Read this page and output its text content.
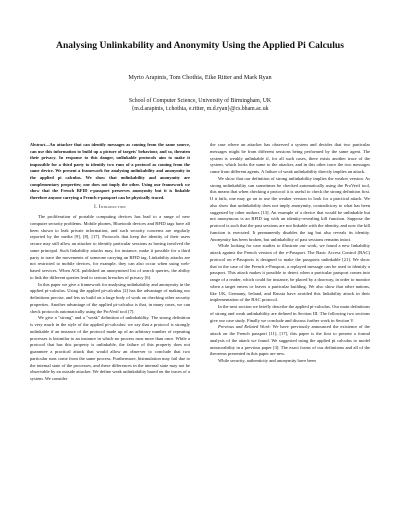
Analysing Unlinkability and Anonymity Using the Applied Pi Calculus
Myrto Arapinis, Tom Chothia, Eike Ritter and Mark Ryan
School of Computer Science, University of Birmingham, UK
{m.d.arapinis, t.chothia, e.ritter, m.d.ryan}@cs.bham.ac.uk
Abstract—An attacker that can identify messages as coming from the same source, can use this information to build up a picture of targets' behaviour, and so, threaten their privacy. In response to this danger, unlinkable protocols aim to make it impossible for a third party to identify two runs of a protocol as coming from the same device. We present a framework for analysing unlinkability and anonymity in the applied pi calculus. We show that unlinkability and anonymity are complementary properties; one does not imply the other. Using our framework we show that the French RFID e-passport preserves anonymity but it is linkable therefore anyone carrying a French e-passport can be physically traced.
I. Introduction

The proliferation of portable computing devices has lead to a range of new computer security problems. Mobile phones, Bluetooth devices and RFID tags have all been shown to leak private information, and such security concerns are regularly reported by the media [9], [8], [17]. Protocols that keep the identity of their users secure may still allow an attacker to identify particular sessions as having involved the same principal. Such linkability attacks may, for instance, make it possible for a third party to trace the movements of someone carrying an RFID tag. Linkability attacks are not restricted to mobile devices, for example, they can also occur when using web-based services. When AOL published an anonymised list of search queries, the ability to link the different queries lead to serious breaches of privacy [6].

In this paper we give a framework for analysing unlinkability and anonymity in the applied pi-calculus. Using the applied pi-calculus [2] has the advantage of making our definitions precise, and lets us build on a large body of work on checking other security properties. Another advantage of the applied pi-calculus is that, in many cases, we can check protocols automatically using the ProVerif tool [7].

We give a "strong" and a "weak" definition of unlinkability. The strong definition is very much in the style of the applied pi-calculus: we say that a protocol is strongly unlinkable if an instance of the protocol made up of an arbitrary number of repeating processes is bisimilar to an instance in which no process runs more than once. While a protocol that has this property is unlinkable, the failure of this property does not guarantee a practical attack that would allow an observer to conclude that two particular runs come from the same process. Furthermore, bisimulation may fail due to the internal state of the processes, and these differences in the internal state may not be observable by an outside attacker. We define weak unlinkability based on the traces of a system. We consider

the case where an attacker has observed a system and decides that two particular messages might be from different sessions being performed by the same agent. The system is weakly unlinkable if, for all such cases, there exists another trace of the system, which looks the same to the attacker, and in this other trace the two messages came from different agents. A failure of weak unlinkability directly implies an attack.

We show that our definition of strong unlinkability implies the weaker version. As strong unlinkability can sometimes be checked automatically using the ProVerif tool, this means that when checking a protocol it is useful to check the strong definition first. If it fails, one may go on to use the weaker version to look for a practical attack. We also show that unlinkability does not imply anonymity, contradictory to what has been suggested by other authors [13]. An example of a device that would be unlinkable but not anonymous is an RFID tag with an identity-revealing kill function. Suppose the protocol is such that the past sessions are not linkable with the identity, and now the kill function is executed. It permanently disables the tag but also reveals its identity. Anonymity has been broken, but unlinkability of past sessions remains intact.

While looking for case studies to illustrate our work, we found a new linkability attack against the French version of the e-Passport. The Basic Access Control (BAC) protocol on e-Passports is designed to make the passports unlinkable [21]. We show that in the case of the French e-Passport, a replayed message can be used to identify a passport. This attack makes it possible to detect when a particular passport comes into range of a reader, which could for instance, be placed by a doorway, in order to monitor when a target enters or leaves a particular building. We also show that other nations, like UK, Germany, Ireland, and Russia have avoided this linkability attack in their implementation of the BAC protocol.

In the next section we briefly describe the applied pi-calculus. Our main definitions of strong and weak unlinkability are defined in Section III. The following two sections give our case study. Finally we conclude and discuss further work in Section V.

Previous and Related Work: We have previously announced the existence of the attack on the French passport [11], [17], this paper is the first to present a formal analysis of the attack we found. We suggested using the applied pi calculus to model untraceability in a previous paper [3]. The exact forms of our definitions and all of the theorems presented in this paper are new.

While security, authenticity and anonymity have been
